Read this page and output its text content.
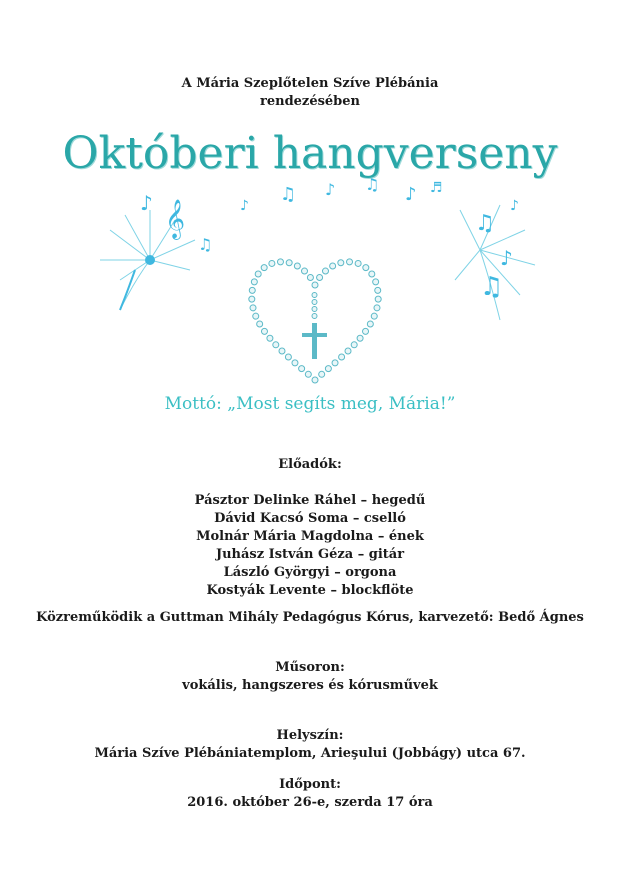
A Mária Szeplőtelen Szíve Plébánia
rendezésében
Októberi hangverseny
𝄞
♪
♫
♪
♫ ♪ ♫ ♪ ♬
♫
♪
♫
♪
Mottó: „Most segíts meg, Mária!”
Előadók:
Pásztor Delinke Ráhel – hegedű
Dávid Kacsó Soma – cselló
Molnár Mária Magdolna – ének
Juhász István Géza – gitár
László Györgyi – orgona
Kostyák Levente – blockflöte
Közreműködik a Guttman Mihály Pedagógus Kórus, karvezető: Bedő Ágnes
Műsoron:
vokális, hangszeres és kórusművek
Helyszín:
Mária Szíve Plébániatemplom, Arieşului (Jobbágy) utca 67.
Időpont:
2016. október 26-e, szerda 17 óra
